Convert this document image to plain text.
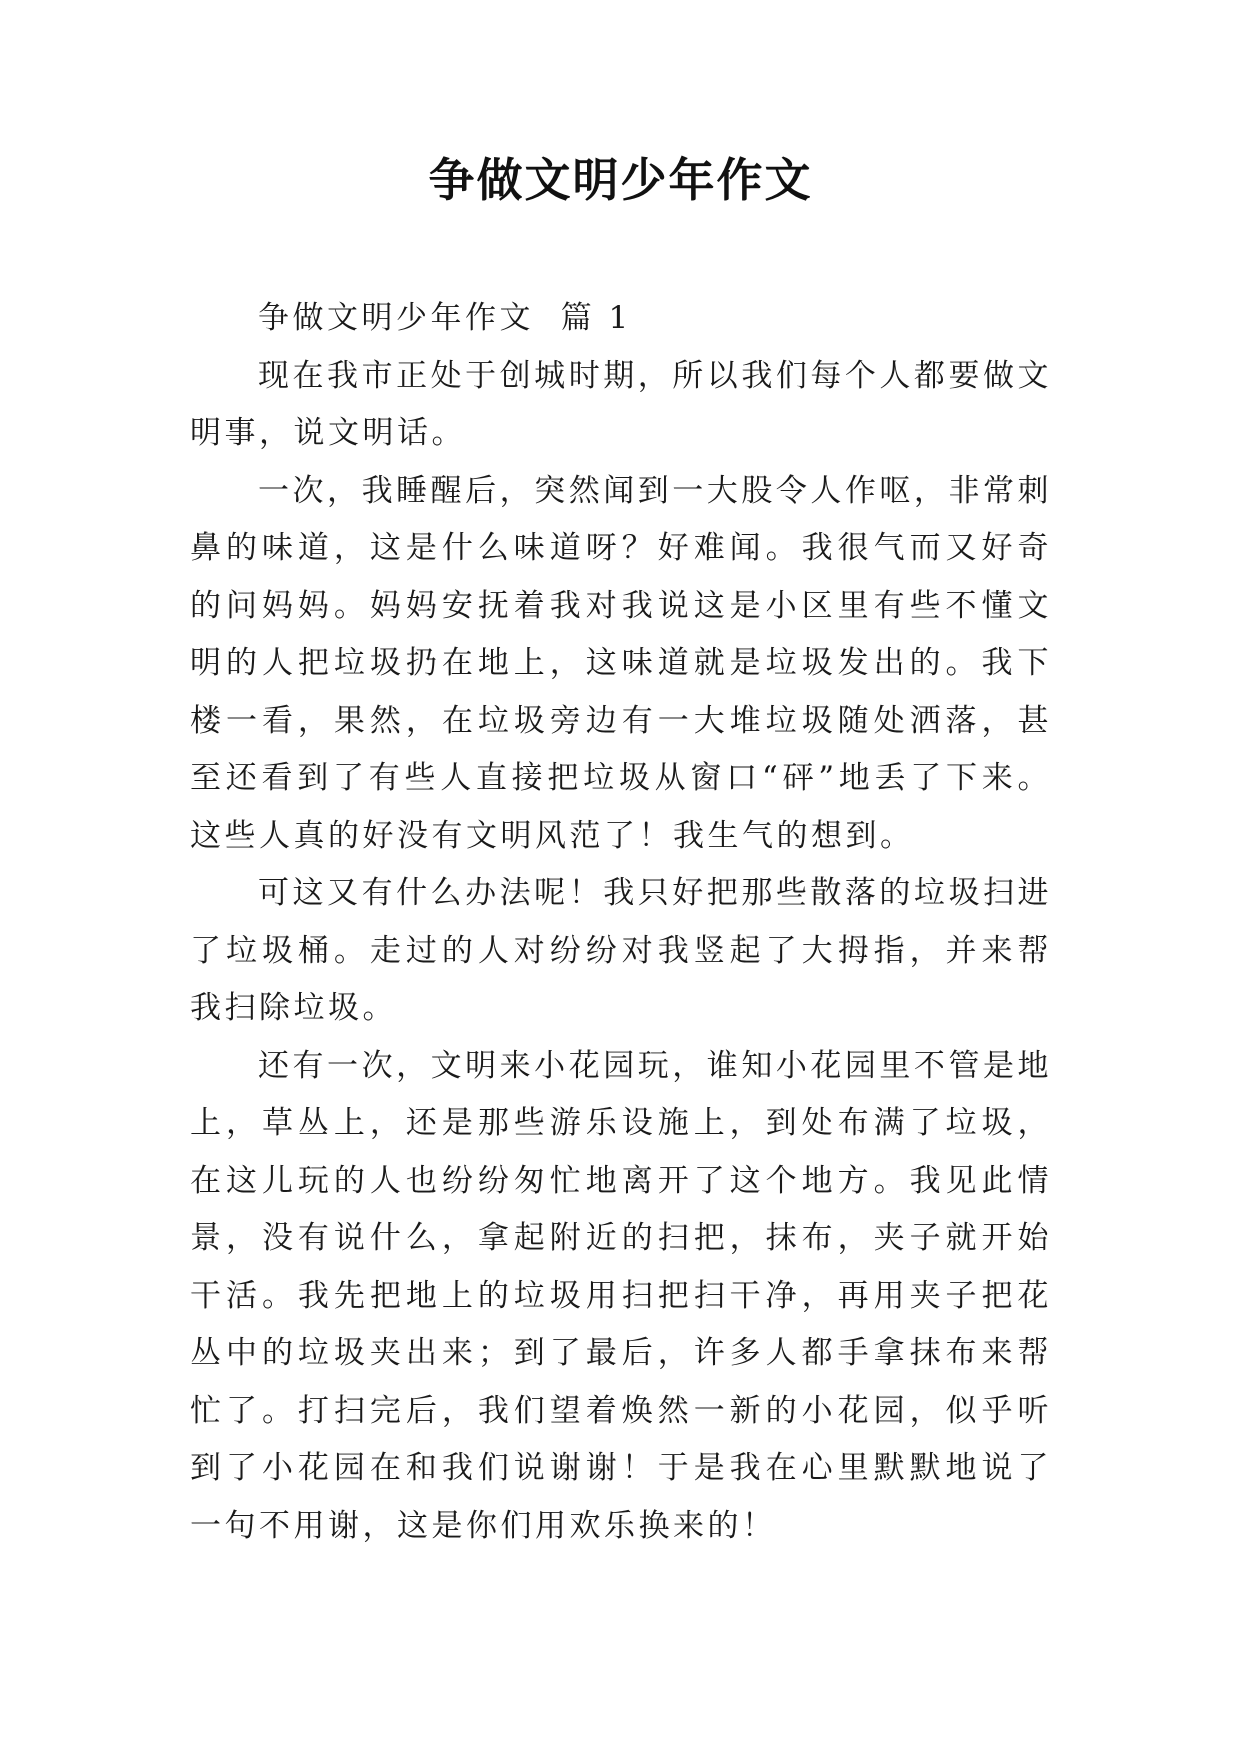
争做文明少年作文
争做文明少年作文  篇 1

现在我市正处于创城时期，所以我们每个人都要做文明事，说文明话。

一次，我睡醒后，突然闻到一大股令人作呕，非常刺鼻的味道，这是什么味道呀？好难闻。我很气而又好奇的问妈妈。妈妈安抚着我对我说这是小区里有些不懂文明的人把垃圾扔在地上，这味道就是垃圾发出的。我下楼一看，果然，在垃圾旁边有一大堆垃圾随处洒落，甚至还看到了有些人直接把垃圾从窗口“砰”地丢了下来。这些人真的好没有文明风范了！我生气的想到。

可这又有什么办法呢！我只好把那些散落的垃圾扫进了垃圾桶。走过的人对纷纷对我竖起了大拇指，并来帮我扫除垃圾。

还有一次，文明来小花园玩，谁知小花园里不管是地上，草丛上，还是那些游乐设施上，到处布满了垃圾，在这儿玩的人也纷纷匆忙地离开了这个地方。我见此情景，没有说什么，拿起附近的扫把，抹布，夹子就开始干活。我先把地上的垃圾用扫把扫干净，再用夹子把花丛中的垃圾夹出来；到了最后，许多人都手拿抹布来帮忙了。打扫完后，我们望着焕然一新的小花园，似乎听到了小花园在和我们说谢谢！于是我在心里默默地说了一句不用谢，这是你们用欢乐换来的！
